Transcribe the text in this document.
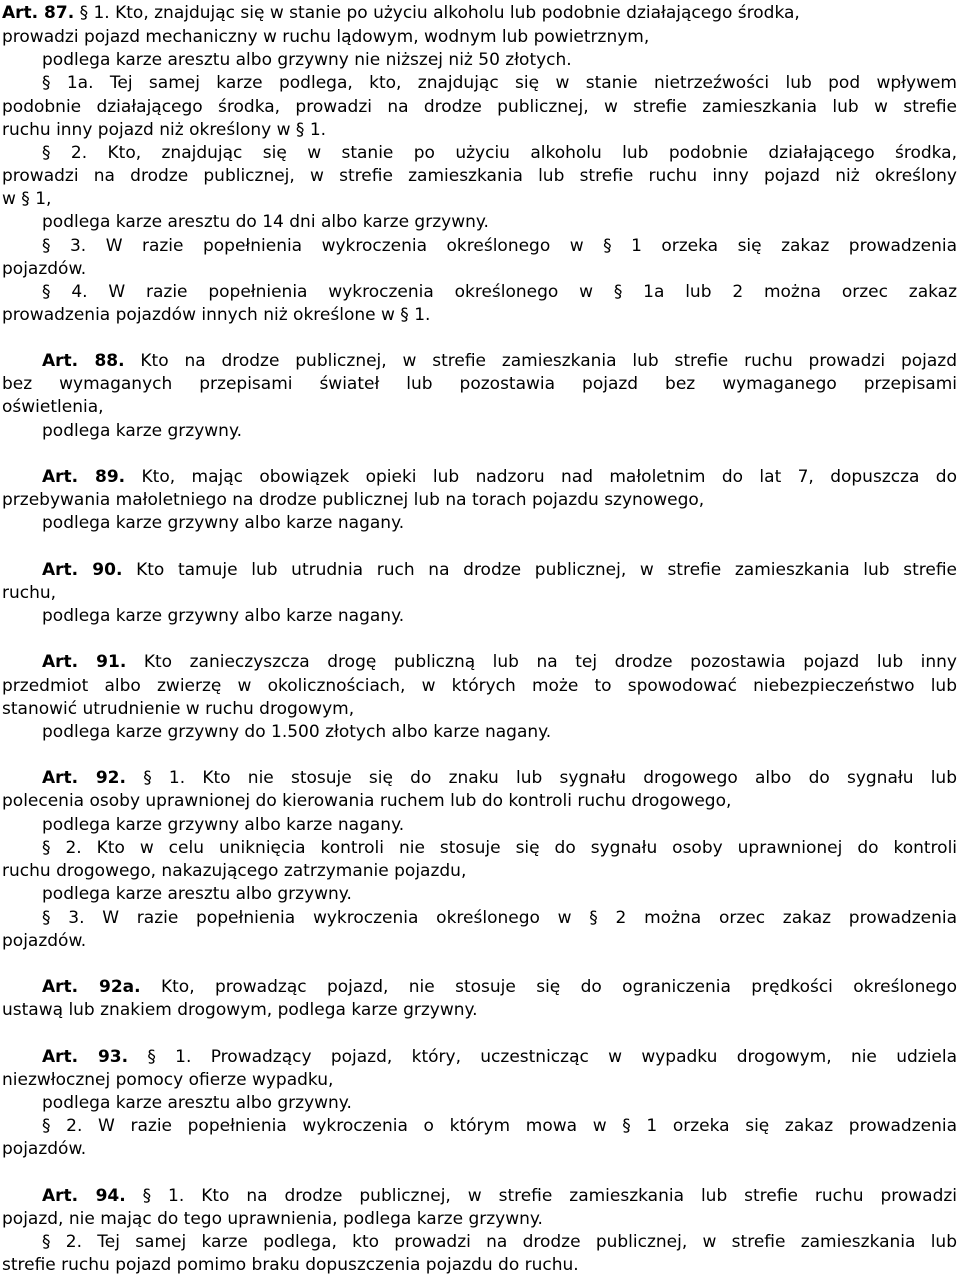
Art. 87. § 1. Kto, znajdując się w stanie po użyciu alkoholu lub podobnie działającego środka,
prowadzi pojazd mechaniczny w ruchu lądowym, wodnym lub powietrznym,
podlega karze aresztu albo grzywny nie niższej niż 50 złotych.
§ 1a. Tej samej karze podlega, kto, znajdując się w stanie nietrzeźwości lub pod wpływem
podobnie działającego środka, prowadzi na drodze publicznej, w strefie zamieszkania lub w strefie
ruchu inny pojazd niż określony w § 1.
§ 2. Kto, znajdując się w stanie po użyciu alkoholu lub podobnie działającego środka,
prowadzi na drodze publicznej, w strefie zamieszkania lub strefie ruchu inny pojazd niż określony
w § 1,
podlega karze aresztu do 14 dni albo karze grzywny.
§ 3. W razie popełnienia wykroczenia określonego w § 1 orzeka się zakaz prowadzenia
pojazdów.
§ 4. W razie popełnienia wykroczenia określonego w § 1a lub 2 można orzec zakaz
prowadzenia pojazdów innych niż określone w § 1.
Art. 88. Kto na drodze publicznej, w strefie zamieszkania lub strefie ruchu prowadzi pojazd
bez wymaganych przepisami świateł lub pozostawia pojazd bez wymaganego przepisami
oświetlenia,
podlega karze grzywny.
Art. 89. Kto, mając obowiązek opieki lub nadzoru nad małoletnim do lat 7, dopuszcza do
przebywania małoletniego na drodze publicznej lub na torach pojazdu szynowego,
podlega karze grzywny albo karze nagany.
Art. 90. Kto tamuje lub utrudnia ruch na drodze publicznej, w strefie zamieszkania lub strefie
ruchu,
podlega karze grzywny albo karze nagany.
Art. 91. Kto zanieczyszcza drogę publiczną lub na tej drodze pozostawia pojazd lub inny
przedmiot albo zwierzę w okolicznościach, w których może to spowodować niebezpieczeństwo lub
stanowić utrudnienie w ruchu drogowym,
podlega karze grzywny do 1.500 złotych albo karze nagany.
Art. 92. § 1. Kto nie stosuje się do znaku lub sygnału drogowego albo do sygnału lub
polecenia osoby uprawnionej do kierowania ruchem lub do kontroli ruchu drogowego,
podlega karze grzywny albo karze nagany.
§ 2. Kto w celu uniknięcia kontroli nie stosuje się do sygnału osoby uprawnionej do kontroli
ruchu drogowego, nakazującego zatrzymanie pojazdu,
podlega karze aresztu albo grzywny.
§ 3. W razie popełnienia wykroczenia określonego w § 2 można orzec zakaz prowadzenia
pojazdów.
Art. 92a. Kto, prowadząc pojazd, nie stosuje się do ograniczenia prędkości określonego
ustawą lub znakiem drogowym, podlega karze grzywny.
Art. 93. § 1. Prowadzący pojazd, który, uczestnicząc w wypadku drogowym, nie udziela
niezwłocznej pomocy ofierze wypadku,
podlega karze aresztu albo grzywny.
§ 2. W razie popełnienia wykroczenia o którym mowa w § 1 orzeka się zakaz prowadzenia
pojazdów.
Art. 94. § 1. Kto na drodze publicznej, w strefie zamieszkania lub strefie ruchu prowadzi
pojazd, nie mając do tego uprawnienia, podlega karze grzywny.
§ 2. Tej samej karze podlega, kto prowadzi na drodze publicznej, w strefie zamieszkania lub
strefie ruchu pojazd pomimo braku dopuszczenia pojazdu do ruchu.
